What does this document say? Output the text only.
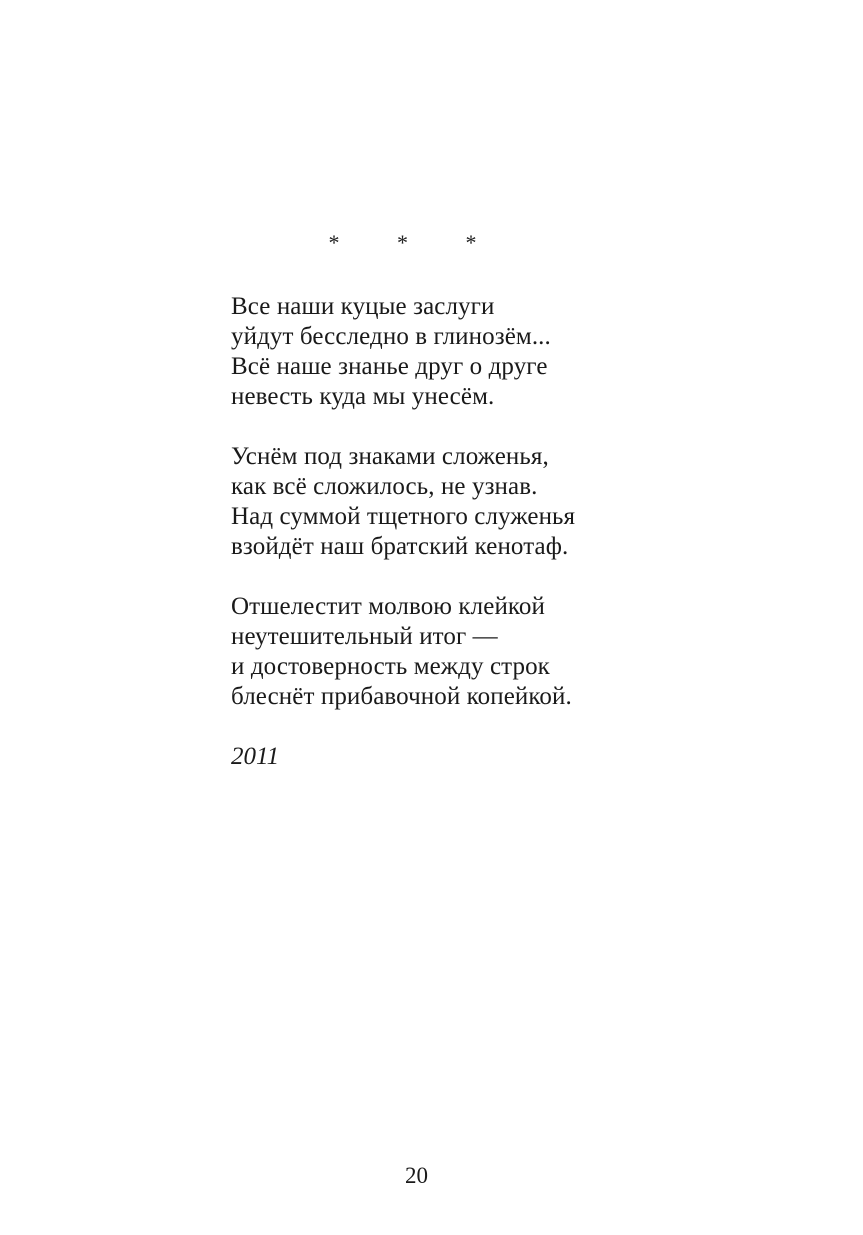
* * *
Все наши куцые заслуги
уйдут бесследно в глинозём...
Всё наше знанье друг о друге
невесть куда мы унесём.
Уснём под знаками сложенья,
как всё сложилось, не узнав.
Над суммой тщетного служенья
взойдёт наш братский кенотаф.
Отшелестит молвою клейкой
неутешительный итог —
и достоверность между строк
блеснёт прибавочной копейкой.
2011
20
